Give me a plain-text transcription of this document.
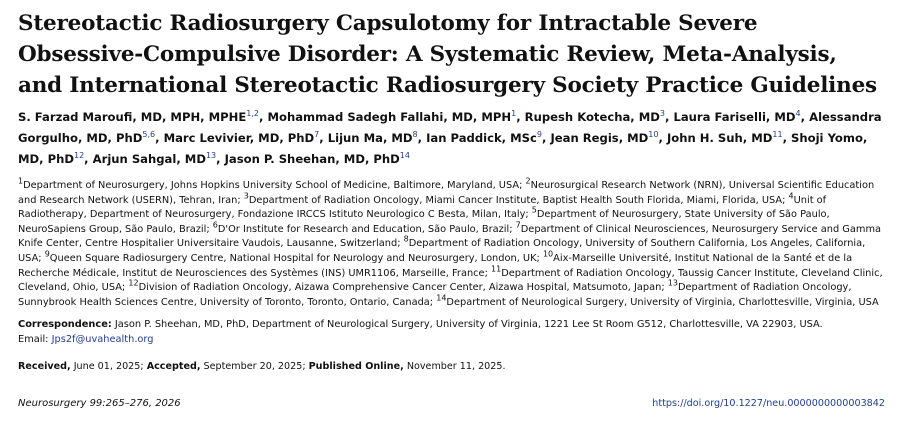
Stereotactic Radiosurgery Capsulotomy for Intractable Severe Obsessive-Compulsive Disorder: A Systematic Review, Meta-Analysis, and International Stereotactic Radiosurgery Society Practice Guidelines
S. Farzad Maroufi, MD, MPH, MPHE$^{1,2}$, Mohammad Sadegh Fallahi, MD, MPH$^1$, Rupesh Kotecha, $MD^3$, Laura Fariselli, $MD^4$, Alessandra Gorgulho, MD, PhD$^{5,6}$, Marc Levivier, MD, PhD$^7$, Lijun Ma, $MD^8$, Ian Paddick, MSc$^9$, Jean Regis, MD$^{10}$, John H. Suh, MD$^{11}$, Shoji Yomo, MD, PhD$^{12}$, Arjun Sahgal, MD$^{13}$, Jason P. Sheehan, MD, PhD$^{14}$
$^1$Department of Neurosurgery, Johns Hopkins University School of Medicine, Baltimore, Maryland, USA; $^2$Neurosurgical Research Network (NRN), Universal Scientific Education and Research Network (USERN), Tehran, Iran; $^3$Department of Radiation Oncology, Miami Cancer Institute, Baptist Health South Florida, Miami, Florida, USA; $^4$Unit of Radiotherapy, Department of Neurosurgery, Fondazione IRCCS Istituto Neurologico C Besta, Milan, Italy; $^5$Department of Neurosurgery, State University of São Paulo, NeuroSapiens Group, São Paulo, Brazil; $^6$D'Or Institute for Research and Education, São Paulo, Brazil; $^7$Department of Clinical Neurosciences, Neurosurgery Service and Gamma Knife Center, Centre Hospitalier Universitaire Vaudois, Lausanne, Switzerland; $^8$Department of Radiation Oncology, University of Southern California, Los Angeles, California, USA; $^9$Queen Square Radiosurgery Centre, National Hospital for Neurology and Neurosurgery, London, UK; $^{10}$Aix-Marseille Université, Institut National de la Santé et de la Recherche Médicale, Institut de Neurosciences des Systèmes (INS) UMR1106, Marseille, France; $^{11}$Department of Radiation Oncology, Taussig Cancer Institute, Cleveland Clinic, Cleveland, Ohio, USA; $^{12}$Division of Radiation Oncology, Aizawa Comprehensive Cancer Center, Aizawa Hospital, Matsumoto, Japan; $^{13}$Department of Radiation Oncology, Sunnybrook Health Sciences Centre, University of Toronto, Toronto, Ontario, Canada; $^{14}$Department of Neurological Surgery, University of Virginia, Charlottesville, Virginia, USA
Correspondence: Jason P. Sheehan, MD, PhD, Department of Neurological Surgery, University of Virginia, 1221 Lee St Room G512, Charlottesville, VA 22903, USA.
Email: Jps2f@uvahealth.org
Received, June 01, 2025; Accepted, September 20, 2025; Published Online, November 11, 2025.
Neurosurgery 99:265–276, 2026	https://doi.org/10.1227/neu.0000000000003842
